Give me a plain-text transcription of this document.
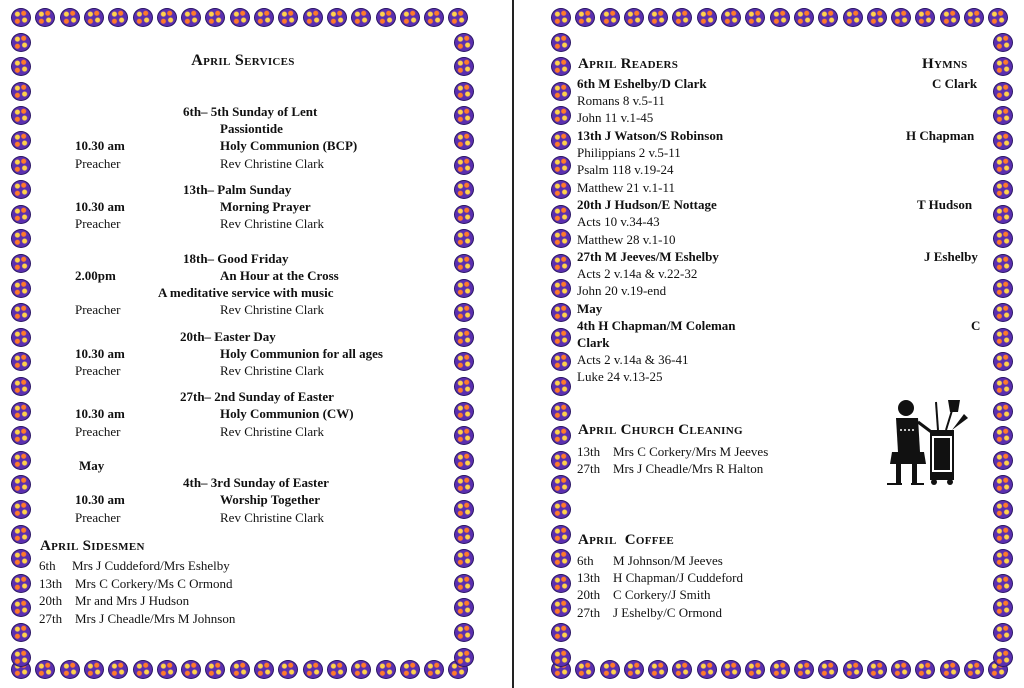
April Services
6th– 5th Sunday of Lent
Passiontide
10.30 am	Holy Communion (BCP)
Preacher	Rev Christine Clark
13th– Palm Sunday
10.30 am	Morning Prayer
Preacher	Rev Christine Clark
18th– Good Friday
2.00pm	An Hour at the Cross
A meditative service with music
Preacher	Rev Christine Clark
20th– Easter Day
10.30 am	Holy Communion for all ages
Preacher	Rev Christine Clark
27th– 2nd Sunday of Easter
10.30 am	Holy Communion (CW)
Preacher	Rev Christine Clark
May
4th– 3rd Sunday of Easter
10.30 am	Worship Together
Preacher	Rev Christine Clark
April Sidesmen
6th Mrs J Cuddeford/Mrs Eshelby
13th Mrs C Corkery/Ms C Ormond
20th Mr and Mrs J Hudson
27th Mrs J Cheadle/Mrs M Johnson
April Readers	Hymns
6th M Eshelby/D Clark	C Clark
Romans 8 v.5-11
John 11 v.1-45
13th J Watson/S Robinson	H Chapman
Philippians 2 v.5-11
Psalm 118 v.19-24
Matthew 21 v.1-11
20th J Hudson/E Nottage	T Hudson
Acts 10 v.34-43
Matthew 28 v.1-10
27th M Jeeves/M Eshelby	J Eshelby
Acts 2 v.14a & v.22-32
John 20 v.19-end
May
4th H Chapman/M Coleman	C
Clark
Acts 2 v.14a & 36-41
Luke 24 v.13-25
April Church Cleaning
13th Mrs C Corkery/Mrs M Jeeves
27th Mrs J Cheadle/Mrs R Halton
April  Coffee
6th M Johnson/M Jeeves
13th H Chapman/J Cuddeford
20th C Corkery/J Smith
27th J Eshelby/C Ormond
